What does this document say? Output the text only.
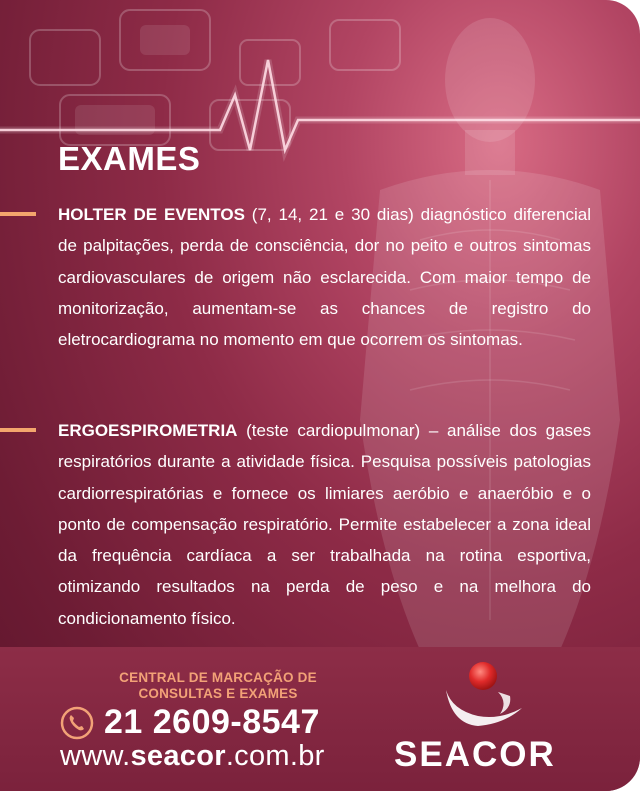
EXAMES
HOLTER DE EVENTOS (7, 14, 21 e 30 dias) diagnóstico diferencial de palpitações, perda de consciência, dor no peito e outros sintomas cardiovasculares de origem não esclarecida. Com maior tempo de monitorização, aumentam-se as chances de registro do eletrocardiograma no momento em que ocorrem os sintomas.
ERGOESPIROMETRIA (teste cardiopulmonar) – análise dos gases respiratórios durante a atividade física. Pesquisa possíveis patologias cardiorrespiratórias e fornece os limiares aeróbio e anaeróbio e o ponto de compensação respiratório. Permite estabelecer a zona ideal da frequência cardíaca a ser trabalhada na rotina esportiva, otimizando resultados na perda de peso e na melhora do condicionamento físico.
CENTRAL DE MARCAÇÃO DE
CONSULTAS E EXAMES
21 2609-8547
www.seacor.com.br SEACOR
